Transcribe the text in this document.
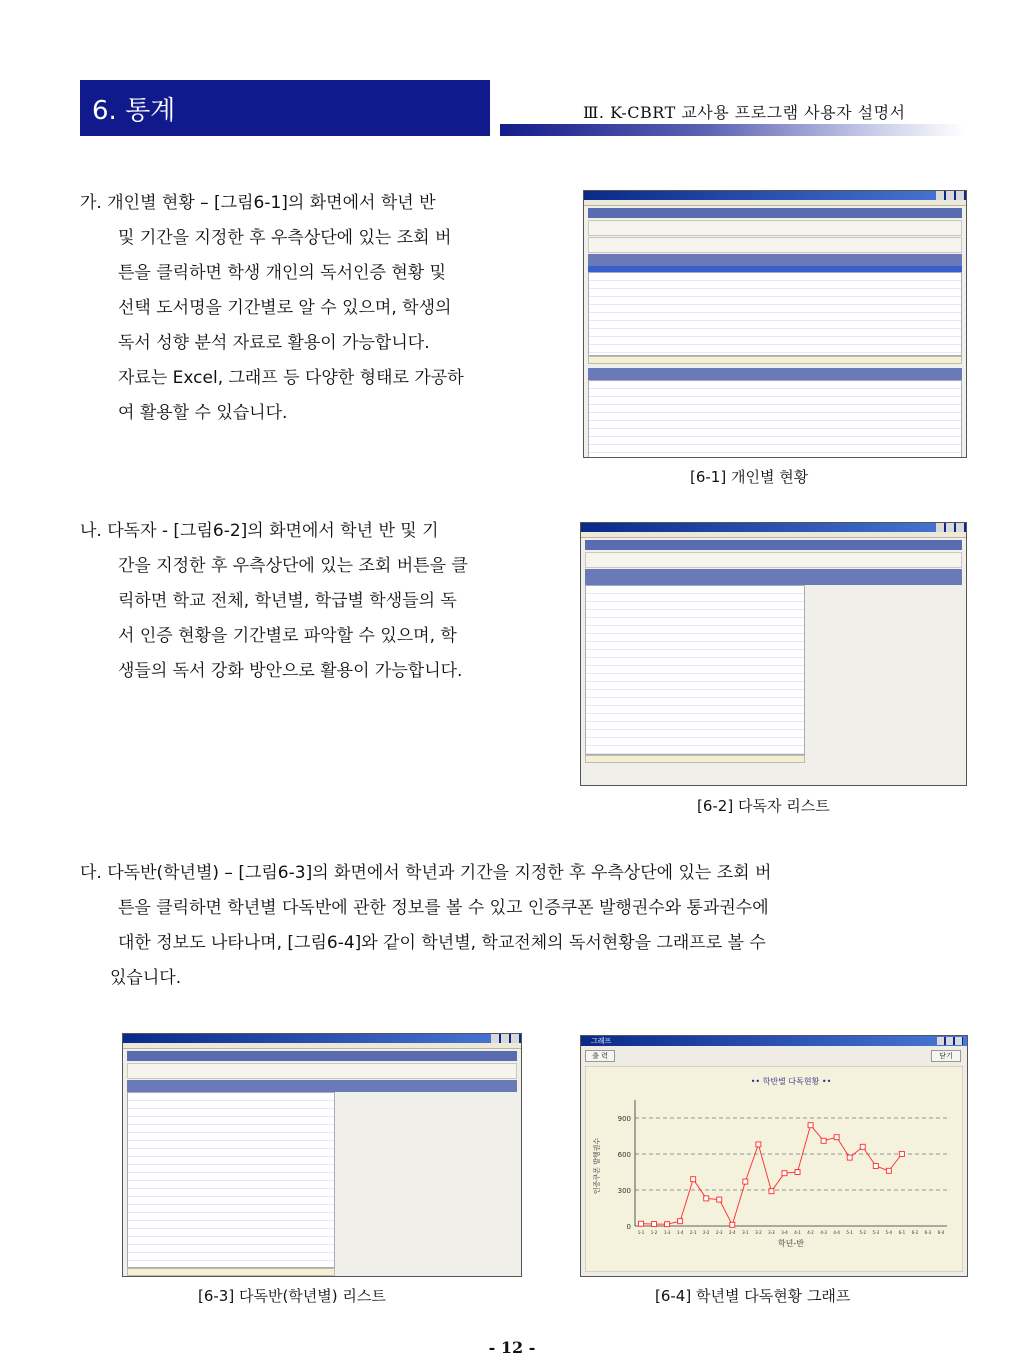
6. 통계	Ⅲ. K-CBRT 교사용 프로그램 사용자 설명서
가. 개인별 현황 – [그림6-1]의 화면에서 학년 반
및 기간을 지정한 후 우측상단에 있는 조회 버
튼을 클릭하면 학생 개인의 독서인증 현황 및
선택 도서명을 기간별로 알 수 있으며, 학생의
독서 성향 분석 자료로 활용이 가능합니다.
자료는 Excel, 그래프 등 다양한 형태로 가공하
여 활용할 수 있습니다.
[6-1] 개인별 현황
나. 다독자 - [그림6-2]의 화면에서 학년 반 및 기
간을 지정한 후 우측상단에 있는 조회 버튼을 클
릭하면 학교 전체, 학년별, 학급별 학생들의 독
서 인증 현황을 기간별로 파악할 수 있으며, 학
생들의 독서 강화 방안으로 활용이 가능합니다.
[6-2] 다독자 리스트
다. 다독반(학년별) – [그림6-3]의 화면에서 학년과 기간을 지정한 후 우측상단에 있는 조회 버
튼을 클릭하면 학년별 다독반에 관한 정보를 볼 수 있고 인증쿠폰 발행권수와 통과권수에
대한 정보도 나타나며, [그림6-4]와 같이 학년별, 학교전체의 독서현황을 그래프로 볼 수
있습니다.
[6-3] 다독반(학년별) 리스트
그래프
출 력	닫기
•• 학반별 다독현황 ••
0
300
600
900
1-1 1-2 1-3 1-4 2-1 2-2 2-3 2-4 3-1 3-2 3-3 3-4 4-1 4-2 4-3 4-4 5-1 5-2 5-3 5-4 6-1 6-2 6-3 6-4
학년-반
인증쿠폰 발행권수
[6-4] 학년별 다독현황 그래프
- 12 -
